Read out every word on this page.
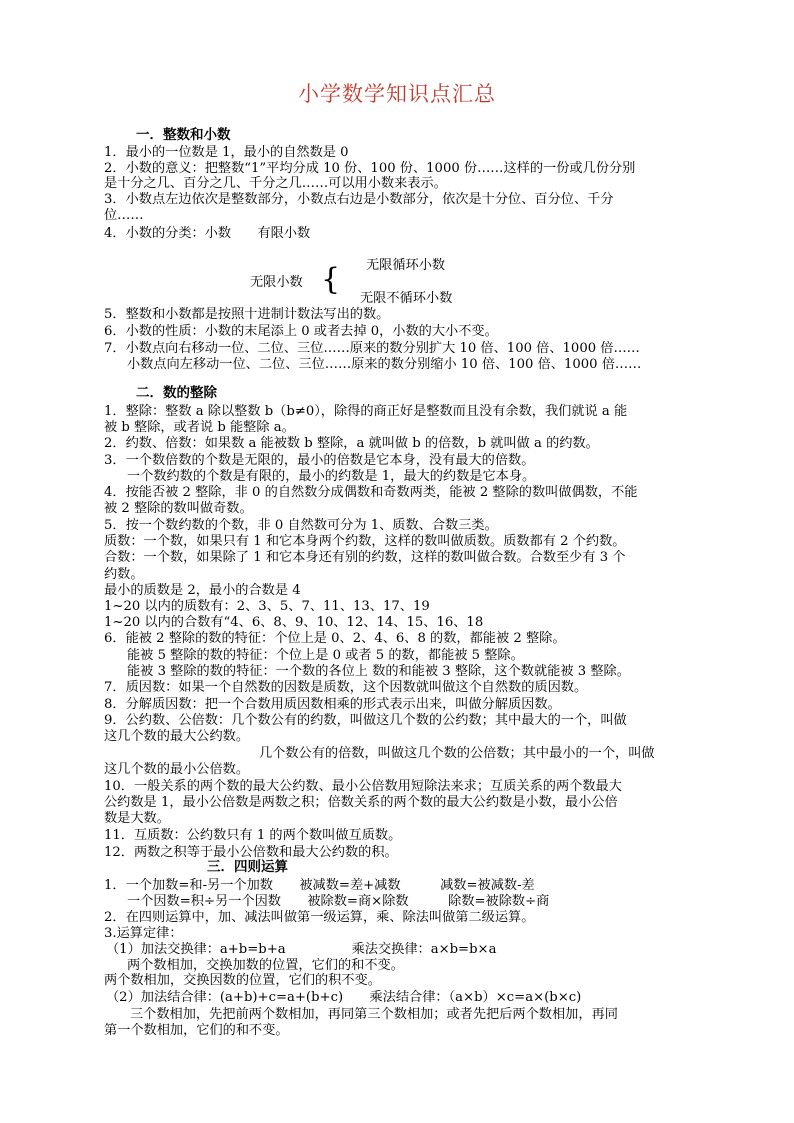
小学数学知识点汇总
一．整数和小数
1．最小的一位数是 1，最小的自然数是 0
2．小数的意义：把整数“1”平均分成 10 份、100 份、1000 份……这样的一份或几份分别
是十分之几、百分之几、千分之几……可以用小数来表示。
3．小数点左边依次是整数部分，小数点右边是小数部分，依次是十分位、百分位、千分
位……
4．小数的分类：小数　　有限小数
无限循环小数
无限小数 {
无限不循环小数
5．整数和小数都是按照十进制计数法写出的数。
6．小数的性质：小数的末尾添上 0 或者去掉 0，小数的大小不变。
7．小数点向右移动一位、二位、三位……原来的数分别扩大 10 倍、100 倍、1000 倍……
小数点向左移动一位、二位、三位……原来的数分别缩小 10 倍、100 倍、1000 倍……
二．数的整除
1．整除：整数 a 除以整数 b（b≠0），除得的商正好是整数而且没有余数，我们就说 a 能
被 b 整除，或者说 b 能整除 a。
2．约数、倍数：如果数 a 能被数 b 整除，a 就叫做 b 的倍数，b 就叫做 a 的约数。
3．一个数倍数的个数是无限的，最小的倍数是它本身，没有最大的倍数。
一个数约数的个数是有限的，最小的约数是 1，最大的约数是它本身。
4．按能否被 2 整除，非 0 的自然数分成偶数和奇数两类，能被 2 整除的数叫做偶数，不能
被 2 整除的数叫做奇数。
5．按一个数约数的个数，非 0 自然数可分为 1、质数、合数三类。
质数：一个数，如果只有 1 和它本身两个约数，这样的数叫做质数。质数都有 2 个约数。
合数：一个数，如果除了 1 和它本身还有别的约数，这样的数叫做合数。合数至少有 3 个
约数。
最小的质数是 2，最小的合数是 4
1~20 以内的质数有：2、3、5、7、11、13、17、19
1~20 以内的合数有“4、6、8、9、10、12、14、15、16、18
6．能被 2 整除的数的特征：个位上是 0、2、4、6、8 的数，都能被 2 整除。
能被 5 整除的数的特征：个位上是 0 或者 5 的数，都能被 5 整除。
能被 3 整除的数的特征：一个数的各位上 数的和能被 3 整除，这个数就能被 3 整除。
7．质因数：如果一个自然数的因数是质数，这个因数就叫做这个自然数的质因数。
8．分解质因数：把一个合数用质因数相乘的形式表示出来，叫做分解质因数。
9．公约数、公倍数：几个数公有的约数，叫做这几个数的公约数；其中最大的一个，叫做
这几个数的最大公约数。
几个数公有的倍数，叫做这几个数的公倍数；其中最小的一个，叫做
这几个数的最小公倍数。
10．一般关系的两个数的最大公约数、最小公倍数用短除法来求；互质关系的两个数最大
公约数是 1，最小公倍数是两数之积；倍数关系的两个数的最大公约数是小数，最小公倍
数是大数。
11．互质数：公约数只有 1 的两个数叫做互质数。
12．两数之积等于最小公倍数和最大公约数的积。
三．四则运算
1．一个加数=和-另一个加数　　被减数=差+减数　　　减数=被减数-差
一个因数=积÷另一个因数　　被除数=商×除数　　　除数=被除数÷商
2．在四则运算中，加、减法叫做第一级运算，乘、除法叫做第二级运算。
3.运算定律：
（1）加法交换律：a+b=b+a　　　　　乘法交换律：a×b=b×a
两个数相加，交换加数的位置，它们的和不变。
两个数相加，交换因数的位置，它们的积不变。
（2）加法结合律：(a+b)+c=a+(b+c)　　乘法结合律：（a×b）×c=a×(b×c)
三个数相加，先把前两个数相加，再同第三个数相加；或者先把后两个数相加，再同
第一个数相加，它们的和不变。
